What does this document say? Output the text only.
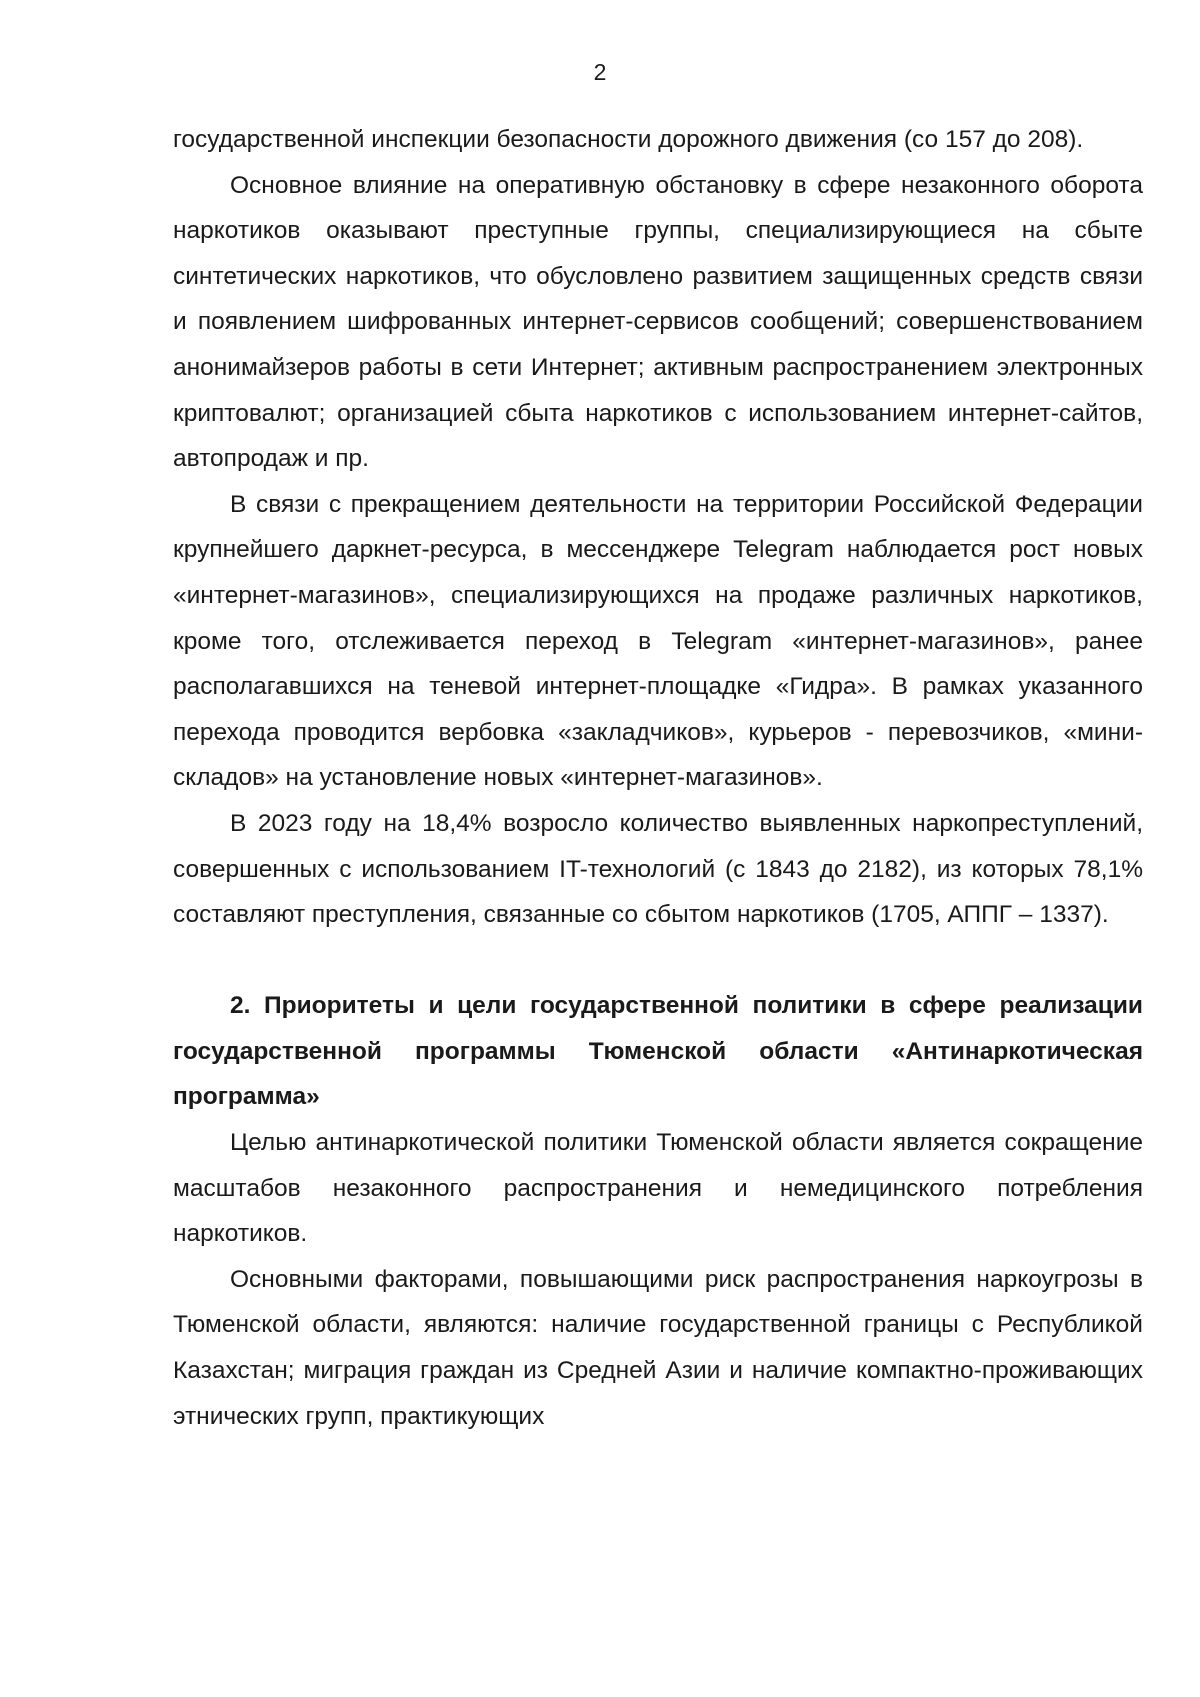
2

государственной инспекции безопасности дорожного движения (со 157 до 208).

Основное влияние на оперативную обстановку в сфере незаконного оборота наркотиков оказывают преступные группы, специализирующиеся на сбыте синтетических наркотиков, что обусловлено развитием защищенных средств связи и появлением шифрованных интернет-сервисов сообщений; совершенствованием анонимайзеров работы в сети Интернет; активным распространением электронных криптовалют; организацией сбыта наркотиков с использованием интернет-сайтов, автопродаж и пр.

В связи с прекращением деятельности на территории Российской Федерации крупнейшего даркнет-ресурса, в мессенджере Telegram наблюдается рост новых «интернет-магазинов», специализирующихся на продаже различных наркотиков, кроме того, отслеживается переход в Telegram «интернет-магазинов», ранее располагавшихся на теневой интернет-площадке «Гидра». В рамках указанного перехода проводится вербовка «закладчиков», курьеров - перевозчиков, «мини-складов» на установление новых «интернет-магазинов».

В 2023 году на 18,4% возросло количество выявленных наркопреступлений, совершенных с использованием IT-технологий (с 1843 до 2182), из которых 78,1% составляют преступления, связанные со сбытом наркотиков (1705, АППГ – 1337).

2. Приоритеты и цели государственной политики в сфере реализации государственной программы Тюменской области «Антинаркотическая программа»

Целью антинаркотической политики Тюменской области является сокращение масштабов незаконного распространения и немедицинского потребления наркотиков.

Основными факторами, повышающими риск распространения наркоугрозы в Тюменской области, являются: наличие государственной границы с Республикой Казахстан; миграция граждан из Средней Азии и наличие компактно-проживающих этнических групп, практикующих
